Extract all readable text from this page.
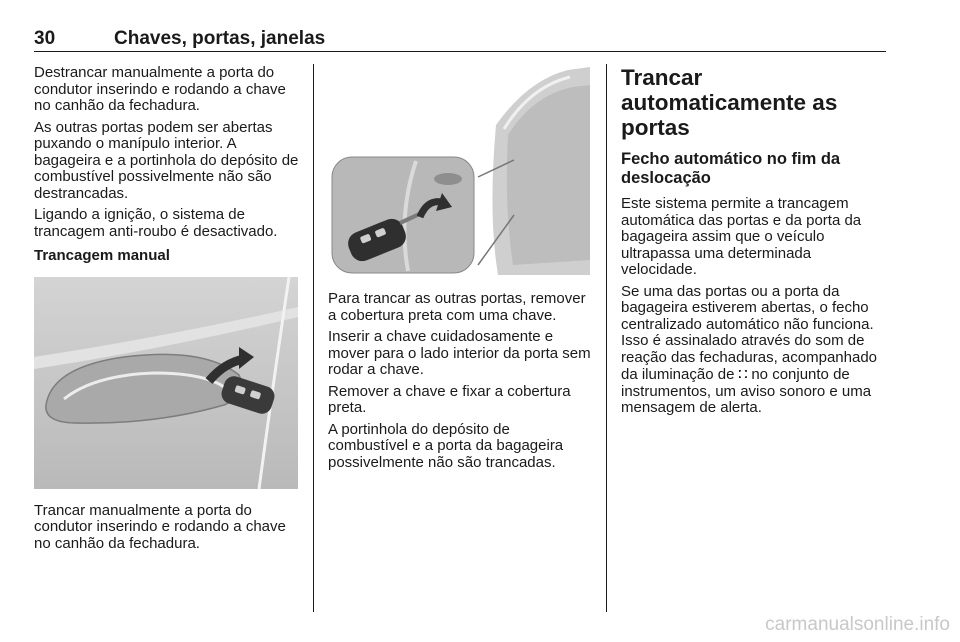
30	Chaves, portas, janelas

Destrancar manualmente a porta do condutor inserindo e rodando a chave no canhão da fechadura.

As outras portas podem ser abertas puxando o manípulo interior. A bagageira e a portinhola do depósito de combustível possivelmente não são destrancadas.

Ligando a ignição, o sistema de trancagem anti-roubo é desactivado.

Trancagem manual

Trancar manualmente a porta do condutor inserindo e rodando a chave no canhão da fechadura.

Para trancar as outras portas, remover a cobertura preta com uma chave.

Inserir a chave cuidadosamente e mover para o lado interior da porta sem rodar a chave.

Remover a chave e fixar a cobertura preta.

A portinhola do depósito de combustível e a porta da bagageira possivelmente não são trancadas.

Trancar automaticamente as portas
Fecho automático no fim da deslocação

Este sistema permite a trancagem automática das portas e da porta da bagageira assim que o veículo ultrapassa uma determinada velocidade.

Se uma das portas ou a porta da bagageira estiverem abertas, o fecho centralizado automático não funciona. Isso é assinalado através do som de reação das fechaduras, acompanhado da iluminação de ⛚ no conjunto de instrumentos, um aviso sonoro e uma mensagem de alerta.

carmanualsonline.info
